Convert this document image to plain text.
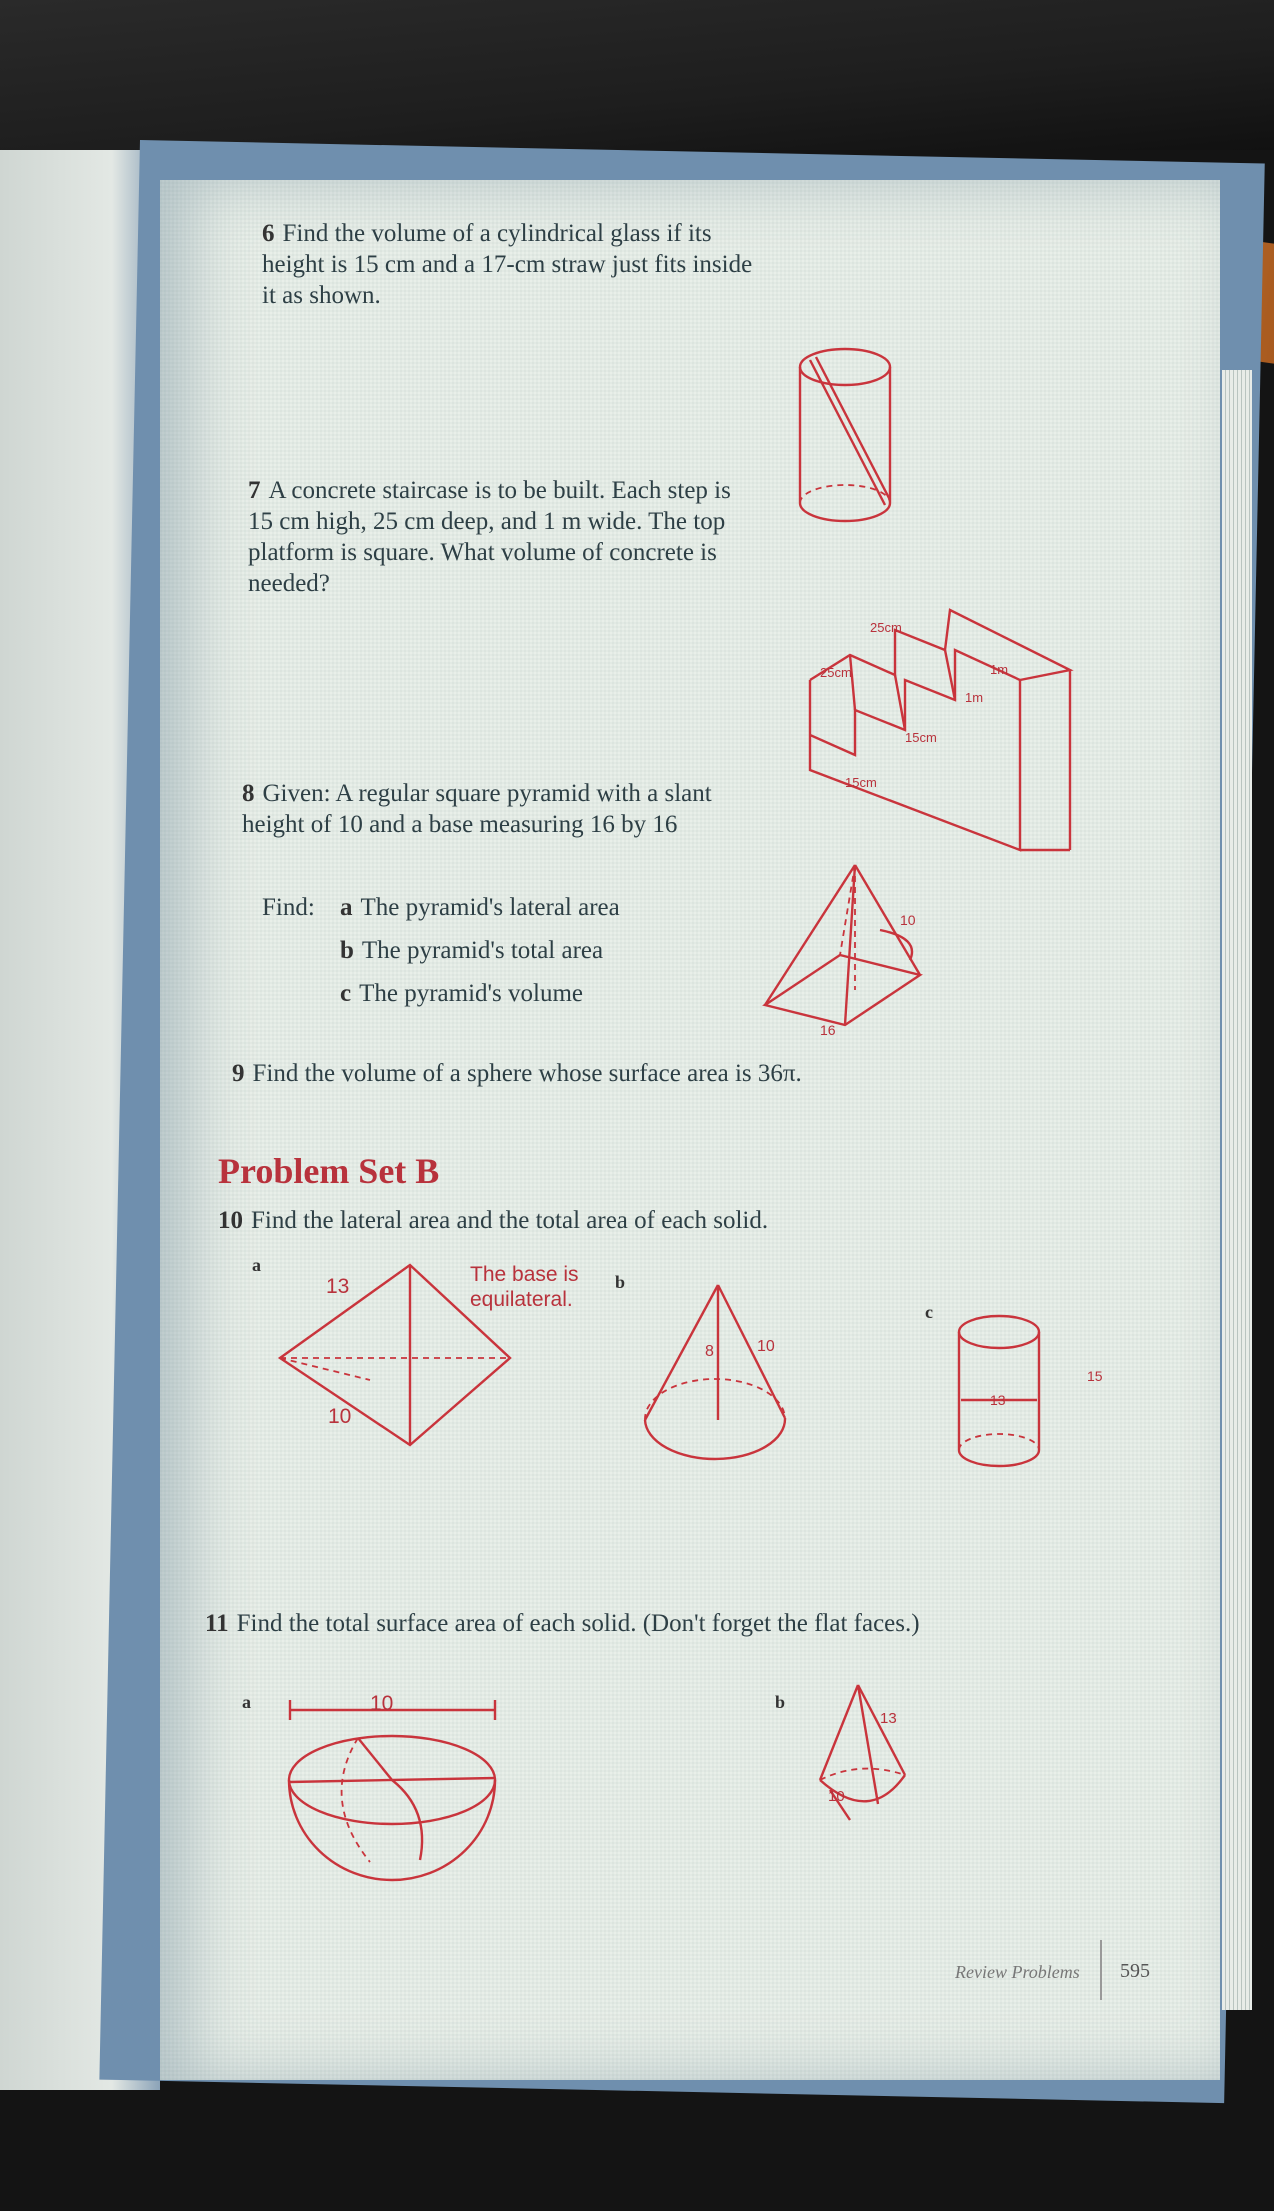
6 Find the volume of a cylindrical glass if its height is 15 cm and a 17-cm straw just fits inside it as shown.
7 A concrete staircase is to be built. Each step is 15 cm high, 25 cm deep, and 1 m wide. The top platform is square. What volume of concrete is needed?
25cm
25cm
15cm
15cm
1m
1m
8 Given: A regular square pyramid with a slant height of 10 and a base measuring 16 by 16
Find: a The pyramid's lateral area
b The pyramid's total area
c The pyramid's volume
10
16
9 Find the volume of a sphere whose surface area is 36π.
Problem Set B
10 Find the lateral area and the total area of each solid.
a
b
c
13
10
The base is equilateral.
8	10
15
13
11 Find the total surface area of each solid. (Don't forget the flat faces.)
a	b
10
13
10
Review Problems 595
